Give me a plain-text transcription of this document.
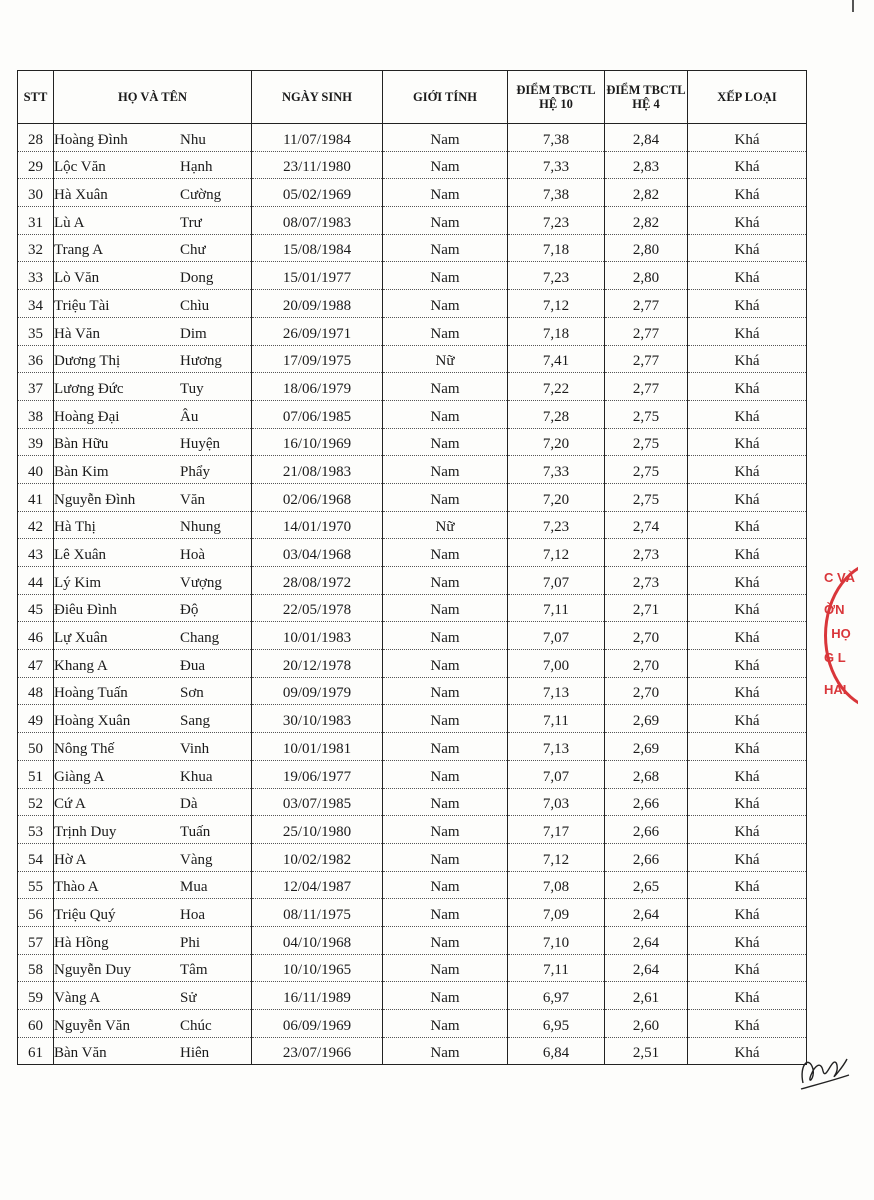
STT	HỌ VÀ TÊN	NGÀY SINH	GIỚI TÍNH	ĐIỂM TBCTL HỆ 10	ĐIỂM TBCTL HỆ 4	XẾP LOẠI
28	Hoàng Đình Nhu	11/07/1984	Nam	7,38	2,84	Khá
29	Lộc Văn Hạnh	23/11/1980	Nam	7,33	2,83	Khá
30	Hà Xuân Cường	05/02/1969	Nam	7,38	2,82	Khá
31	Lù A Trư	08/07/1983	Nam	7,23	2,82	Khá
32	Trang A Chư	15/08/1984	Nam	7,18	2,80	Khá
33	Lò Văn Dong	15/01/1977	Nam	7,23	2,80	Khá
34	Triệu Tài Chìu	20/09/1988	Nam	7,12	2,77	Khá
35	Hà Văn Dim	26/09/1971	Nam	7,18	2,77	Khá
36	Dương Thị Hương	17/09/1975	Nữ	7,41	2,77	Khá
37	Lương Đức Tuy	18/06/1979	Nam	7,22	2,77	Khá
38	Hoàng Đại Âu	07/06/1985	Nam	7,28	2,75	Khá
39	Bàn Hữu Huyện	16/10/1969	Nam	7,20	2,75	Khá
40	Bàn Kim Phẩy	21/08/1983	Nam	7,33	2,75	Khá
41	Nguyễn Đình Văn	02/06/1968	Nam	7,20	2,75	Khá
42	Hà Thị Nhung	14/01/1970	Nữ	7,23	2,74	Khá
43	Lê Xuân Hoà	03/04/1968	Nam	7,12	2,73	Khá
44	Lý Kim Vượng	28/08/1972	Nam	7,07	2,73	Khá
45	Điêu Đình Độ	22/05/1978	Nam	7,11	2,71	Khá
46	Lự Xuân Chang	10/01/1983	Nam	7,07	2,70	Khá
47	Khang A Đua	20/12/1978	Nam	7,00	2,70	Khá
48	Hoàng Tuấn Sơn	09/09/1979	Nam	7,13	2,70	Khá
49	Hoàng Xuân Sang	30/10/1983	Nam	7,11	2,69	Khá
50	Nông Thế Vinh	10/01/1981	Nam	7,13	2,69	Khá
51	Giàng A Khua	19/06/1977	Nam	7,07	2,68	Khá
52	Cứ A Dà	03/07/1985	Nam	7,03	2,66	Khá
53	Trịnh Duy Tuấn	25/10/1980	Nam	7,17	2,66	Khá
54	Hờ A Vàng	10/02/1982	Nam	7,12	2,66	Khá
55	Thào A Mua	12/04/1987	Nam	7,08	2,65	Khá
56	Triệu Quý Hoa	08/11/1975	Nam	7,09	2,64	Khá
57	Hà Hồng Phi	04/10/1968	Nam	7,10	2,64	Khá
58	Nguyễn Duy Tâm	10/10/1965	Nam	7,11	2,64	Khá
59	Vàng A Sử	16/11/1989	Nam	6,97	2,61	Khá
60	Nguyễn Văn Chúc	06/09/1969	Nam	6,95	2,60	Khá
61	Bàn Văn Hiên	23/07/1966	Nam	6,84	2,51	Khá
C VÀ
ỜN
I HỌ
G L
HÁI
